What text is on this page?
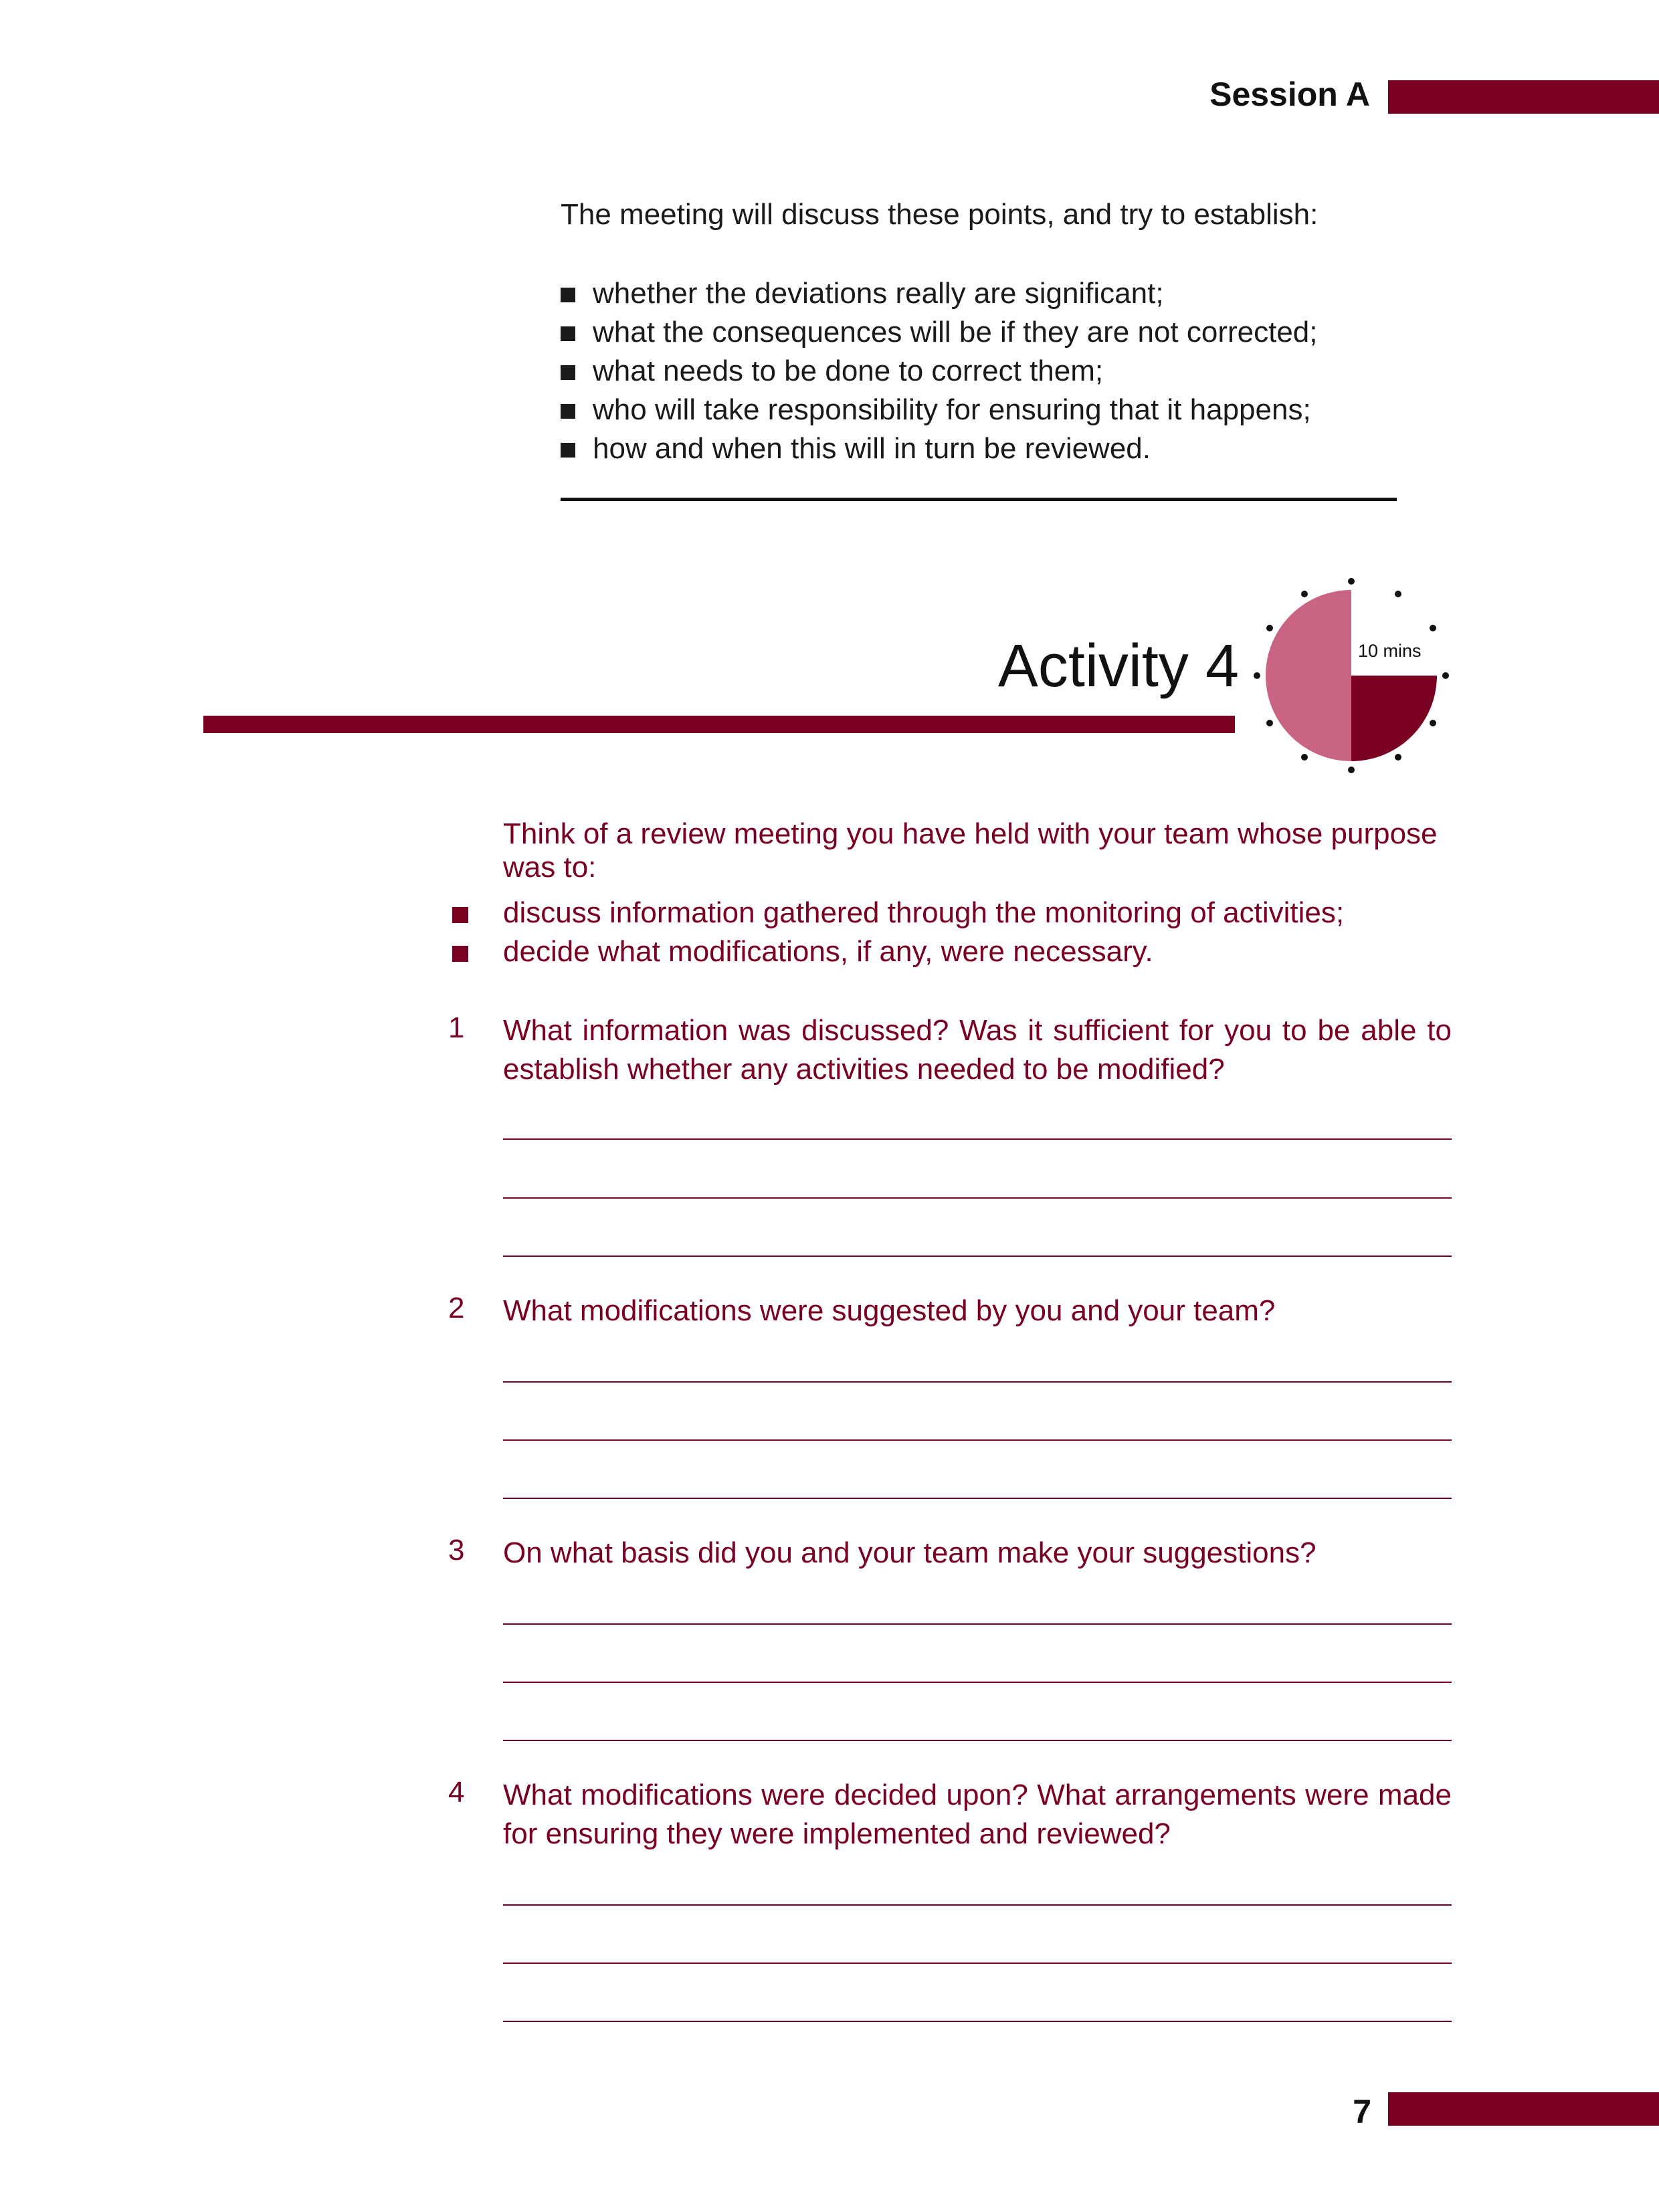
Session A
The meeting will discuss these points, and try to establish:
whether the deviations really are significant;
what the consequences will be if they are not corrected;
what needs to be done to correct them;
who will take responsibility for ensuring that it happens;
how and when this will in turn be reviewed.
Activity 4	10 mins
Think of a review meeting you have held with your team whose purpose was to:
discuss information gathered through the monitoring of activities;
decide what modifications, if any, were necessary.
1 What information was discussed? Was it sufficient for you to be able to establish whether any activities needed to be modified?
2 What modifications were suggested by you and your team?
3 On what basis did you and your team make your suggestions?
4 What modifications were decided upon? What arrangements were made for ensuring they were implemented and reviewed?
7
